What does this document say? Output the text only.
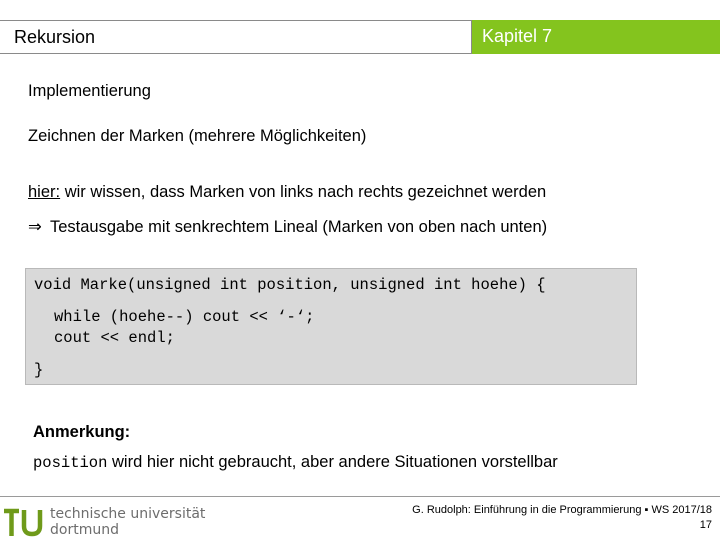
Rekursion	Kapitel 7
Implementierung
Zeichnen der Marken (mehrere Möglichkeiten)
hier: wir wissen, dass Marken von links nach rechts gezeichnet werden
⇒ Testausgabe mit senkrechtem Lineal (Marken von oben nach unten)
void Marke(unsigned int position, unsigned int hoehe) {
while (hoehe--) cout << ‘-‘;
cout << endl;
}
Anmerkung:
position wird hier nicht gebraucht, aber andere Situationen vorstellbar
technische universität
dortmund
G. Rudolph: Einführung in die Programmierung ▪ WS 2017/18
17
